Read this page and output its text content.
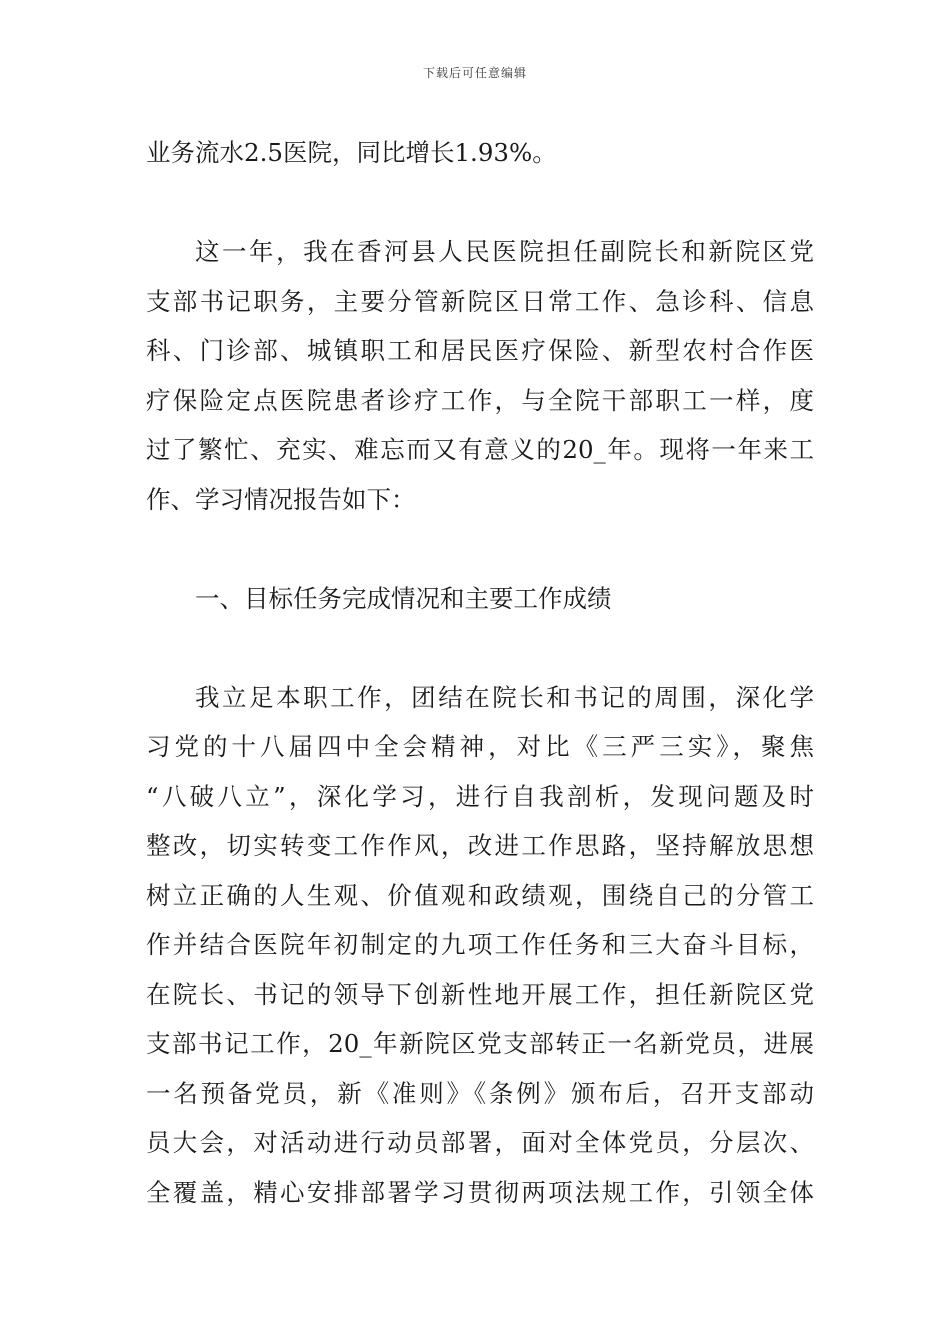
下载后可任意编辑

业务流水2.5医院，同比增长1.93%。

这一年，我在香河县人民医院担任副院长和新院区党
支部书记职务，主要分管新院区日常工作、急诊科、信息
科、门诊部、城镇职工和居民医疗保险、新型农村合作医
疗保险定点医院患者诊疗工作，与全院干部职工一样，度
过了繁忙、充实、难忘而又有意义的20_年。现将一年来工
作、学习情况报告如下：

一、目标任务完成情况和主要工作成绩

我立足本职工作，团结在院长和书记的周围，深化学
习党的十八届四中全会精神，对比《三严三实》，聚焦
“八破八立”，深化学习，进行自我剖析，发现问题及时
整改，切实转变工作作风，改进工作思路，坚持解放思想
树立正确的人生观、价值观和政绩观，围绕自己的分管工
作并结合医院年初制定的九项工作任务和三大奋斗目标，
在院长、书记的领导下创新性地开展工作，担任新院区党
支部书记工作，20_年新院区党支部转正一名新党员，进展
一名预备党员，新《准则》《条例》颁布后，召开支部动
员大会，对活动进行动员部署，面对全体党员，分层次、
全覆盖，精心安排部署学习贯彻两项法规工作，引领全体
